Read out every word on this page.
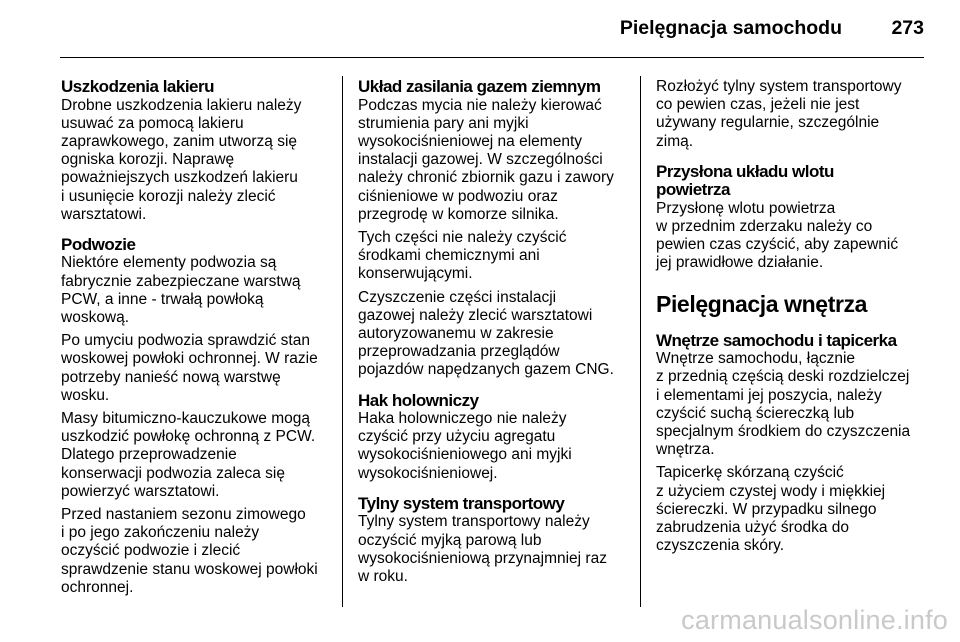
Pielęgnacja samochodu	273
Uszkodzenia lakieru

Drobne uszkodzenia lakieru należy
usuwać za pomocą lakieru
zaprawkowego, zanim utworzą się
ogniska korozji. Naprawę
poważniejszych uszkodzeń lakieru
i usunięcie korozji należy zlecić
warsztatowi.

Podwozie

Niektóre elementy podwozia są
fabrycznie zabezpieczane warstwą
PCW, a inne - trwałą powłoką
woskową.

Po umyciu podwozia sprawdzić stan
woskowej powłoki ochronnej. W razie
potrzeby nanieść nową warstwę
wosku.

Masy bitumiczno-kauczukowe mogą
uszkodzić powłokę ochronną z PCW.
Dlatego przeprowadzenie
konserwacji podwozia zaleca się
powierzyć warsztatowi.

Przed nastaniem sezonu zimowego
i po jego zakończeniu należy
oczyścić podwozie i zlecić
sprawdzenie stanu woskowej powłoki
ochronnej.

Układ zasilania gazem ziemnym

Podczas mycia nie należy kierować
strumienia pary ani myjki
wysokociśnieniowej na elementy
instalacji gazowej. W szczególności
należy chronić zbiornik gazu i zawory
ciśnieniowe w podwoziu oraz
przegrodę w komorze silnika.

Tych części nie należy czyścić
środkami chemicznymi ani
konserwującymi.

Czyszczenie części instalacji
gazowej należy zlecić warsztatowi
autoryzowanemu w zakresie
przeprowadzania przeglądów
pojazdów napędzanych gazem CNG.

Hak holowniczy

Haka holowniczego nie należy
czyścić przy użyciu agregatu
wysokociśnieniowego ani myjki
wysokociśnieniowej.

Tylny system transportowy

Tylny system transportowy należy
oczyścić myjką parową lub
wysokociśnieniową przynajmniej raz
w roku.

Rozłożyć tylny system transportowy
co pewien czas, jeżeli nie jest
używany regularnie, szczególnie
zimą.

Przysłona układu wlotu
powietrza

Przysłonę wlotu powietrza
w przednim zderzaku należy co
pewien czas czyścić, aby zapewnić
jej prawidłowe działanie.

Pielęgnacja wnętrza
Wnętrze samochodu i tapicerka

Wnętrze samochodu, łącznie
z przednią częścią deski rozdzielczej
i elementami jej poszycia, należy
czyścić suchą ściereczką lub
specjalnym środkiem do czyszczenia
wnętrza.

Tapicerkę skórzaną czyścić
z użyciem czystej wody i miękkiej
ściereczki. W przypadku silnego
zabrudzenia użyć środka do
czyszczenia skóry.

carmanualsonline.info
